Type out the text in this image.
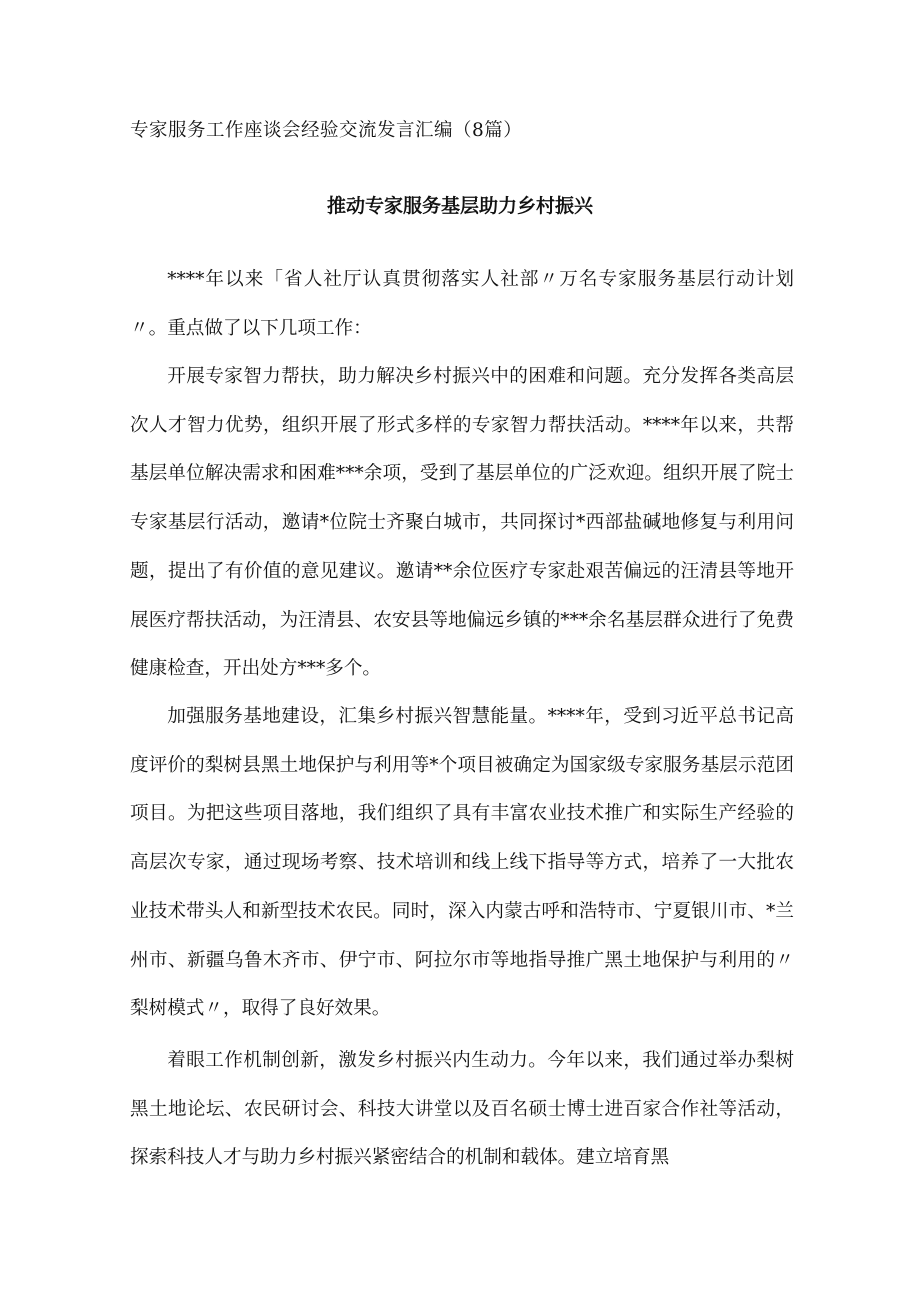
专家服务工作座谈会经验交流发言汇编（8篇）
推动专家服务基层助力乡村振兴

****年以来「省人社厅认真贯彻落实人社部〃万名专家服务基层行动计划〃。重点做了以下几项工作：

开展专家智力帮扶，助力解决乡村振兴中的困难和问题。充分发挥各类高层次人才智力优势，组织开展了形式多样的专家智力帮扶活动。****年以来，共帮基层单位解决需求和困难***余项，受到了基层单位的广泛欢迎。组织开展了院士专家基层行活动，邀请*位院士齐聚白城市，共同探讨*西部盐碱地修复与利用问题，提出了有价值的意见建议。邀请**余位医疗专家赴艰苦偏远的汪清县等地开展医疗帮扶活动，为汪清县、农安县等地偏远乡镇的***余名基层群众进行了免费健康检查，开出处方***多个。

加强服务基地建设，汇集乡村振兴智慧能量。****年，受到习近平总书记高度评价的梨树县黑土地保护与利用等*个项目被确定为国家级专家服务基层示范团项目。为把这些项目落地，我们组织了具有丰富农业技术推广和实际生产经验的高层次专家，通过现场考察、技术培训和线上线下指导等方式，培养了一大批农业技术带头人和新型技术农民。同时，深入内蒙古呼和浩特市、宁夏银川市、*兰州市、新疆乌鲁木齐市、伊宁市、阿拉尔市等地指导推广黑土地保护与利用的〃梨树模式〃，取得了良好效果。

着眼工作机制创新，激发乡村振兴内生动力。今年以来，我们通过举办梨树黑土地论坛、农民研讨会、科技大讲堂以及百名硕士博士进百家合作社等活动，探索科技人才与助力乡村振兴紧密结合的机制和载体。建立培育黑
